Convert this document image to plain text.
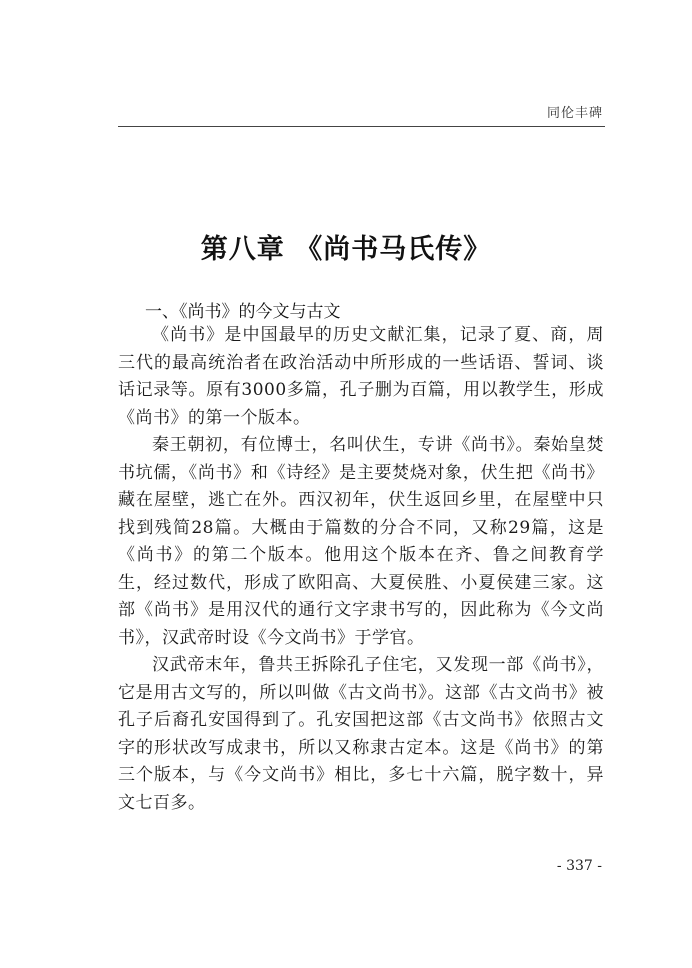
同伦丰碑
第八章 《尚书马氏传》
一、《尚书》的今文与古文

《尚书》是中国最早的历史文献汇集，记录了夏、商，周三代的最高统治者在政治活动中所形成的一些话语、誓词、谈话记录等。原有3000多篇，孔子删为百篇，用以教学生，形成《尚书》的第一个版本。

秦王朝初，有位博士，名叫伏生，专讲《尚书》。秦始皇焚书坑儒，《尚书》和《诗经》是主要焚烧对象，伏生把《尚书》藏在屋壁，逃亡在外。西汉初年，伏生返回乡里，在屋壁中只找到残简28篇。大概由于篇数的分合不同，又称29篇，这是《尚书》的第二个版本。他用这个版本在齐、鲁之间教育学生，经过数代，形成了欧阳高、大夏侯胜、小夏侯建三家。这部《尚书》是用汉代的通行文字隶书写的，因此称为《今文尚书》，汉武帝时设《今文尚书》于学官。

汉武帝末年，鲁共王拆除孔子住宅，又发现一部《尚书》，它是用古文写的，所以叫做《古文尚书》。这部《古文尚书》被孔子后裔孔安国得到了。孔安国把这部《古文尚书》依照古文字的形状改写成隶书，所以又称隶古定本。这是《尚书》的第三个版本，与《今文尚书》相比，多七十六篇，脱字数十，异文七百多。

- 337 -
